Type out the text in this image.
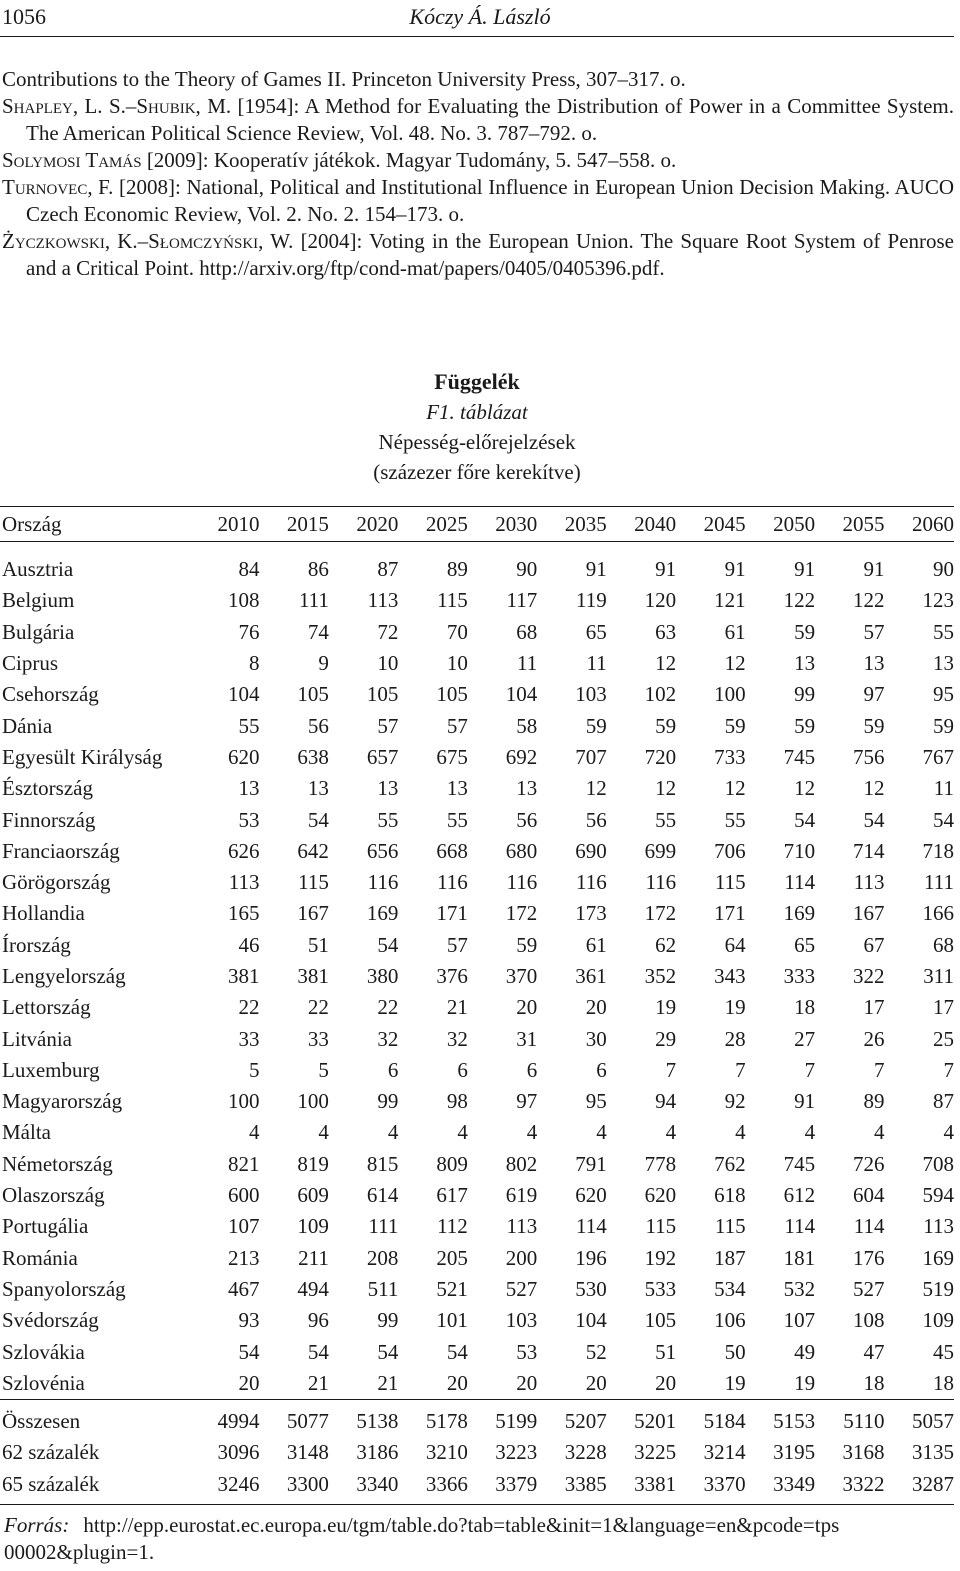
1056	Kóczy Á. László
Contributions to the Theory of Games II. Princeton University Press, 307–317. o.
Shapley, L. S.–Shubik, M. [1954]: A Method for Evaluating the Distribution of Power in a Committee System. The American Political Science Review, Vol. 48. No. 3. 787–792. o.
Solymosi Tamás [2009]: Kooperatív játékok. Magyar Tudomány, 5. 547–558. o.
Turnovec, F. [2008]: National, Political and Institutional Influence in European Union Decision Making. AUCO Czech Economic Review, Vol. 2. No. 2. 154–173. o.
Życzkowski, K.–Słomczyński, W. [2004]: Voting in the European Union. The Square Root System of Penrose and a Critical Point. http://arxiv.org/ftp/cond-mat/papers/0405/0405396.pdf.
Függelék
F1. táblázat
Népesség-előrejelzések
(százezer főre kerekítve)
Ország	2010	2015	2020	2025	2030	2035	2040	2045	2050	2055	2060
Ausztria	84	86	87	89	90	91	91	91	91	91	90
Belgium	108	111	113	115	117	119	120	121	122	122	123
Bulgária	76	74	72	70	68	65	63	61	59	57	55
Ciprus	8	9	10	10	11	11	12	12	13	13	13
Csehország	104	105	105	105	104	103	102	100	99	97	95
Dánia	55	56	57	57	58	59	59	59	59	59	59
Egyesült Királyság	620	638	657	675	692	707	720	733	745	756	767
Észtország	13	13	13	13	13	12	12	12	12	12	11
Finnország	53	54	55	55	56	56	55	55	54	54	54
Franciaország	626	642	656	668	680	690	699	706	710	714	718
Görögország	113	115	116	116	116	116	116	115	114	113	111
Hollandia	165	167	169	171	172	173	172	171	169	167	166
Írország	46	51	54	57	59	61	62	64	65	67	68
Lengyelország	381	381	380	376	370	361	352	343	333	322	311
Lettország	22	22	22	21	20	20	19	19	18	17	17
Litvánia	33	33	32	32	31	30	29	28	27	26	25
Luxemburg	5	5	6	6	6	6	7	7	7	7	7
Magyarország	100	100	99	98	97	95	94	92	91	89	87
Málta	4	4	4	4	4	4	4	4	4	4	4
Németország	821	819	815	809	802	791	778	762	745	726	708
Olaszország	600	609	614	617	619	620	620	618	612	604	594
Portugália	107	109	111	112	113	114	115	115	114	114	113
Románia	213	211	208	205	200	196	192	187	181	176	169
Spanyolország	467	494	511	521	527	530	533	534	532	527	519
Svédország	93	96	99	101	103	104	105	106	107	108	109
Szlovákia	54	54	54	54	53	52	51	50	49	47	45
Szlovénia	20	21	21	20	20	20	20	19	19	18	18
Összesen	4994	5077	5138	5178	5199	5207	5201	5184	5153	5110	5057
62 százalék	3096	3148	3186	3210	3223	3228	3225	3214	3195	3168	3135
65 százalék	3246	3300	3340	3366	3379	3385	3381	3370	3349	3322	3287
Forrás: http://epp.eurostat.ec.europa.eu/tgm/table.do?tab=table&init=1&language=en&pcode=tps
00002&plugin=1.
